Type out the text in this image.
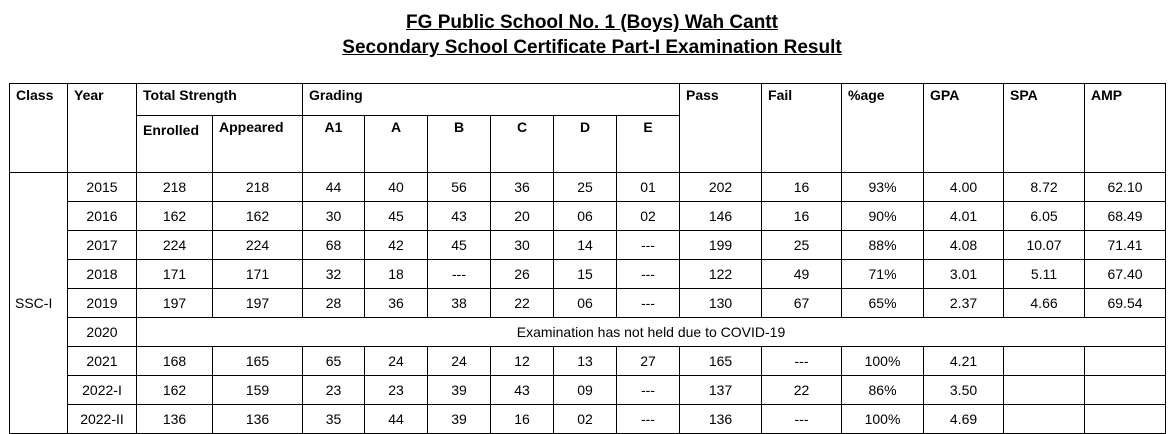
FG Public School No. 1 (Boys) Wah Cantt
Secondary School Certificate Part-I Examination Result
Class	Year	Total Strength		Grading						Pass	Fail	%age	GPA	SPA	AMP
		Enrolled	Appeared	A1	A	B	C	D	E						
SSC-I	2015	218	218	44	40	56	36	25	01	202	16	93%	4.00	8.72	62.10
	2016	162	162	30	45	43	20	06	02	146	16	90%	4.01	6.05	68.49
	2017	224	224	68	42	45	30	14	---	199	25	88%	4.08	10.07	71.41
	2018	171	171	32	18	---	26	15	---	122	49	71%	3.01	5.11	67.40
	2019	197	197	28	36	38	22	06	---	130	67	65%	2.37	4.66	69.54
	2020	Examination has not held due to COVID-19													
	2021	168	165	65	24	24	12	13	27	165	---	100%	4.21		
	2022-I	162	159	23	23	39	43	09	---	137	22	86%	3.50		
	2022-II	136	136	35	44	39	16	02	---	136	---	100%	4.69		
